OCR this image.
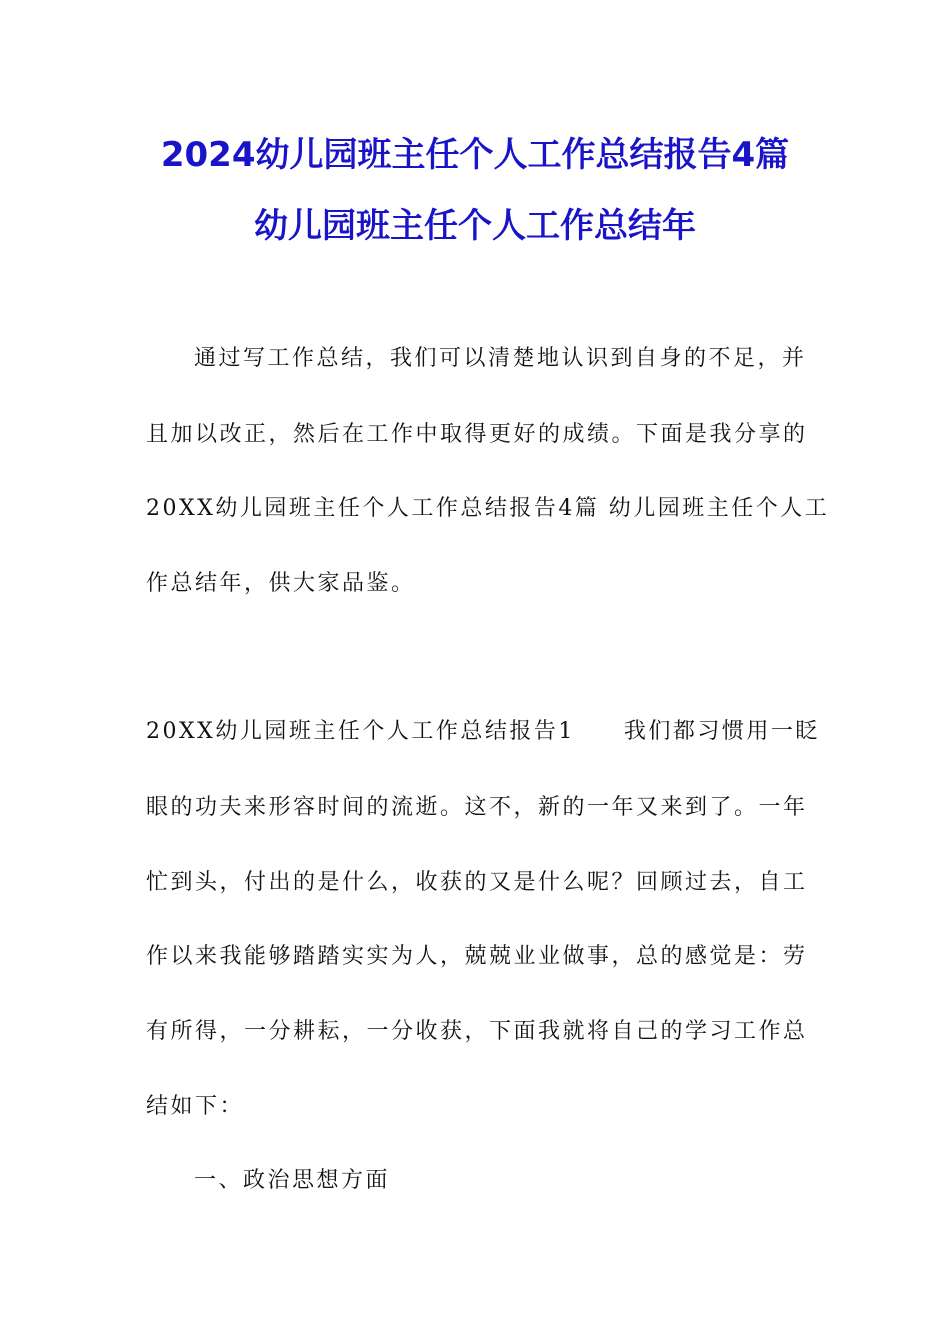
2024幼儿园班主任个人工作总结报告4篇
幼儿园班主任个人工作总结年
通过写工作总结，我们可以清楚地认识到自身的不足，并
且加以改正，然后在工作中取得更好的成绩。下面是我分享的
20XX幼儿园班主任个人工作总结报告4篇 幼儿园班主任个人工
作总结年，供大家品鉴。
20XX幼儿园班主任个人工作总结报告1　　我们都习惯用一眨
眼的功夫来形容时间的流逝。这不，新的一年又来到了。一年
忙到头，付出的是什么，收获的又是什么呢？回顾过去，自工
作以来我能够踏踏实实为人，兢兢业业做事，总的感觉是：劳
有所得，一分耕耘，一分收获，下面我就将自己的学习工作总
结如下：
一、政治思想方面
